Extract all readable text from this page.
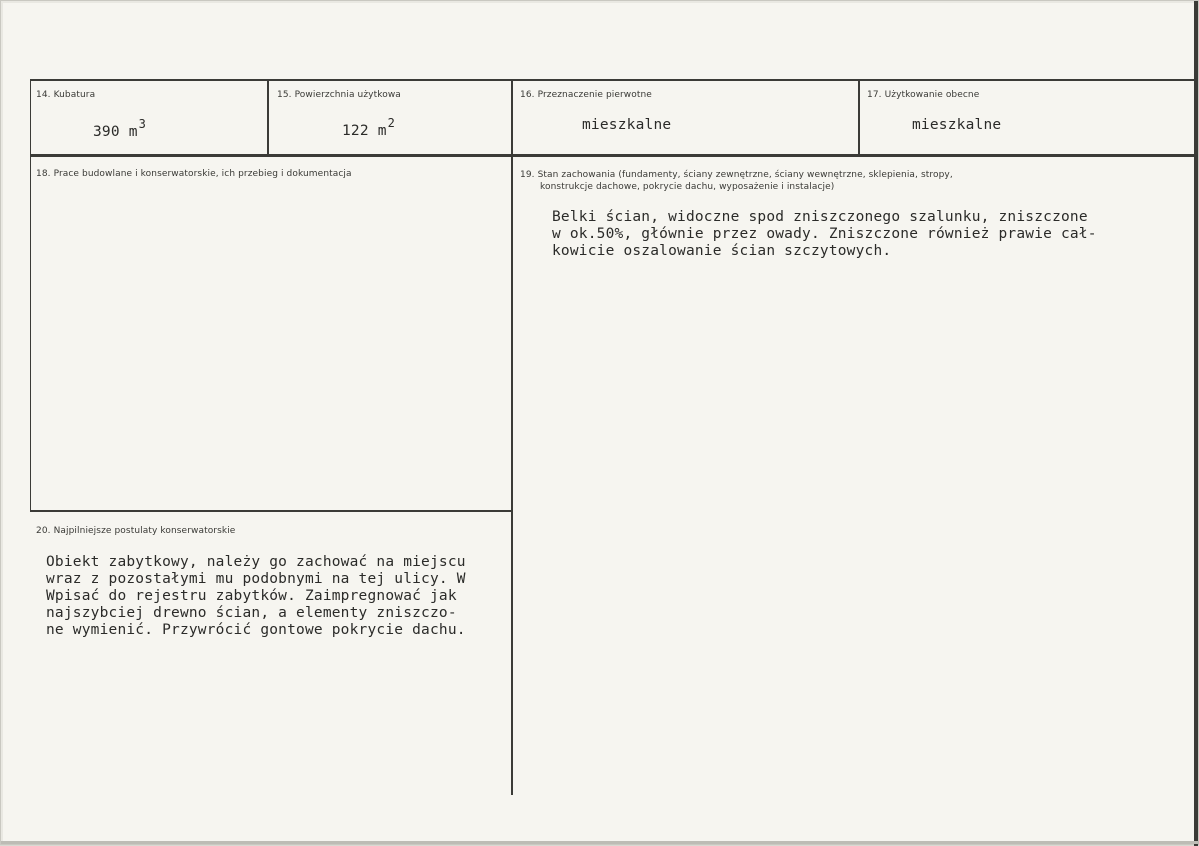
14. Kubatura
390 $m^3$
15. Powierzchnia użytkowa
122 $m^2$
16. Przeznaczenie pierwotne
mieszkalne
17. Użytkowanie obecne
mieszkalne
18. Prace budowlane i konserwatorskie, ich przebieg i dokumentacja	19. Stan zachowania (fundamenty, ściany zewnętrzne, ściany wewnętrzne, sklepienia, stropy,
konstrukcje dachowe, pokrycie dachu, wyposażenie i instalacje)
Belki ścian, widoczne spod zniszczonego szalunku, zniszczone
w ok.50%, głównie przez owady. Zniszczone również prawie cał-
kowicie oszalowanie ścian szczytowych.
20. Najpilniejsze postulaty konserwatorskie
Obiekt zabytkowy, należy go zachować na miejscu
wraz z pozostałymi mu podobnymi na tej ulicy. W
Wpisać do rejestru zabytków. Zaimpregnować jak
najszybciej drewno ścian, a elementy zniszczo-
ne wymienić. Przywrócić gontowe pokrycie dachu.
